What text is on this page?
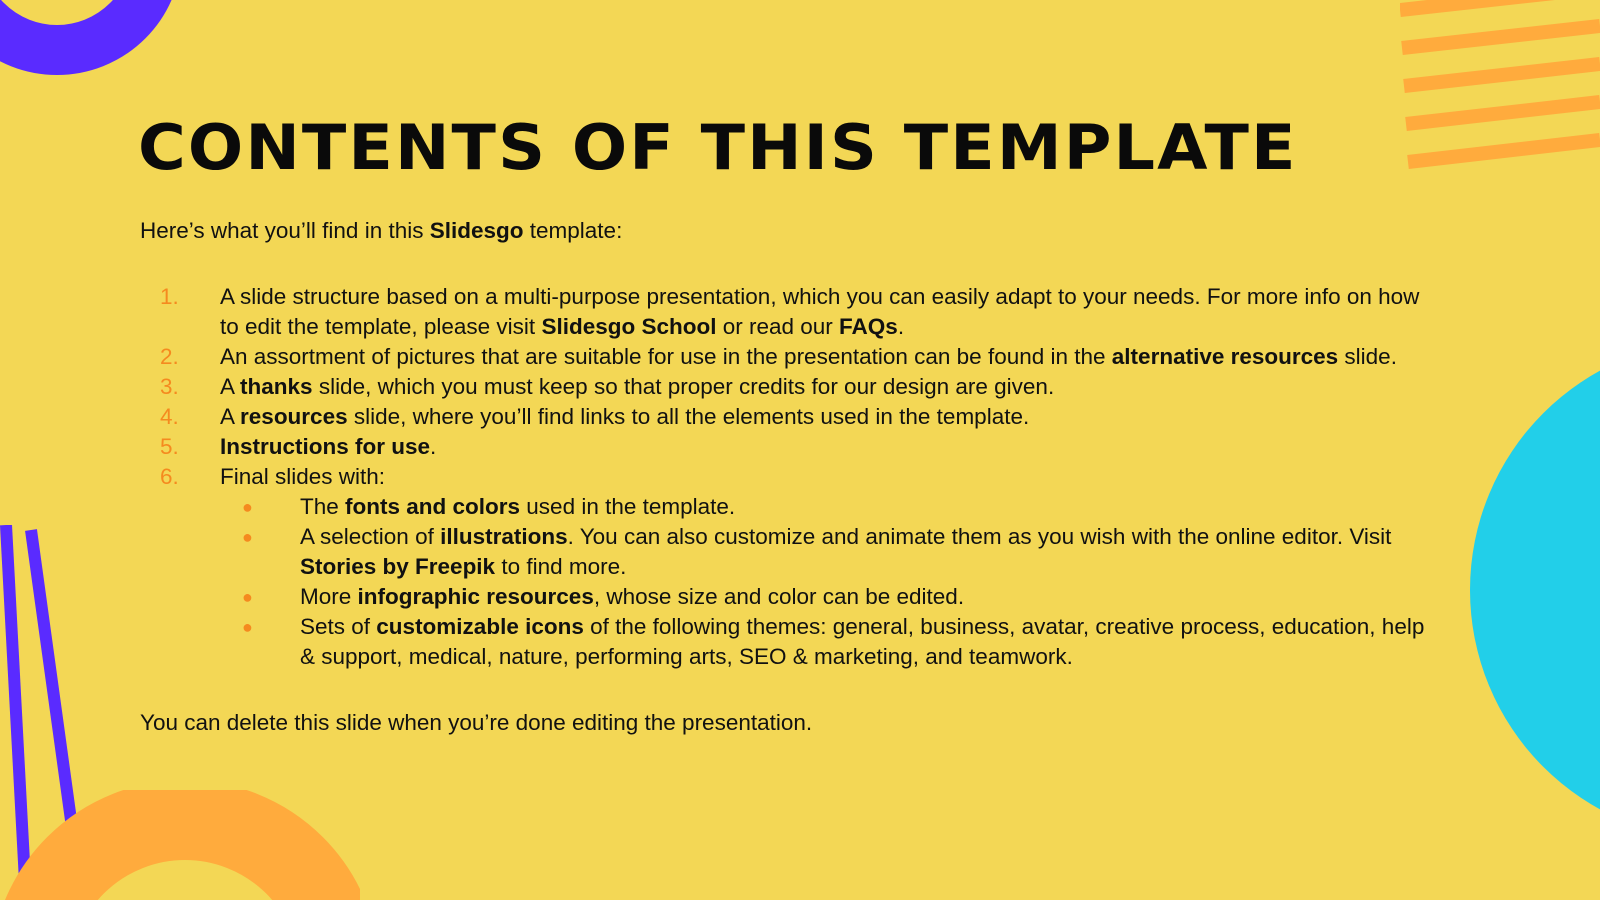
CONTENTS OF THIS TEMPLATE

Here’s what you’ll find in this Slidesgo template:

1.	A slide structure based on a multi-purpose presentation, which you can easily adapt to your needs. For more info on how to edit the template, please visit Slidesgo School or read our FAQs.
2.	An assortment of pictures that are suitable for use in the presentation can be found in the alternative resources slide.
3.	A thanks slide, which you must keep so that proper credits for our design are given.
4.	A resources slide, where you’ll find links to all the elements used in the template.
5.	Instructions for use.
6.	Final slides with:
● The fonts and colors used in the template.
● A selection of illustrations. You can also customize and animate them as you wish with the online editor. Visit Stories by Freepik to find more.
● More infographic resources, whose size and color can be edited.
● Sets of customizable icons of the following themes: general, business, avatar, creative process, education, help & support, medical, nature, performing arts, SEO & marketing, and teamwork.

You can delete this slide when you’re done editing the presentation.
